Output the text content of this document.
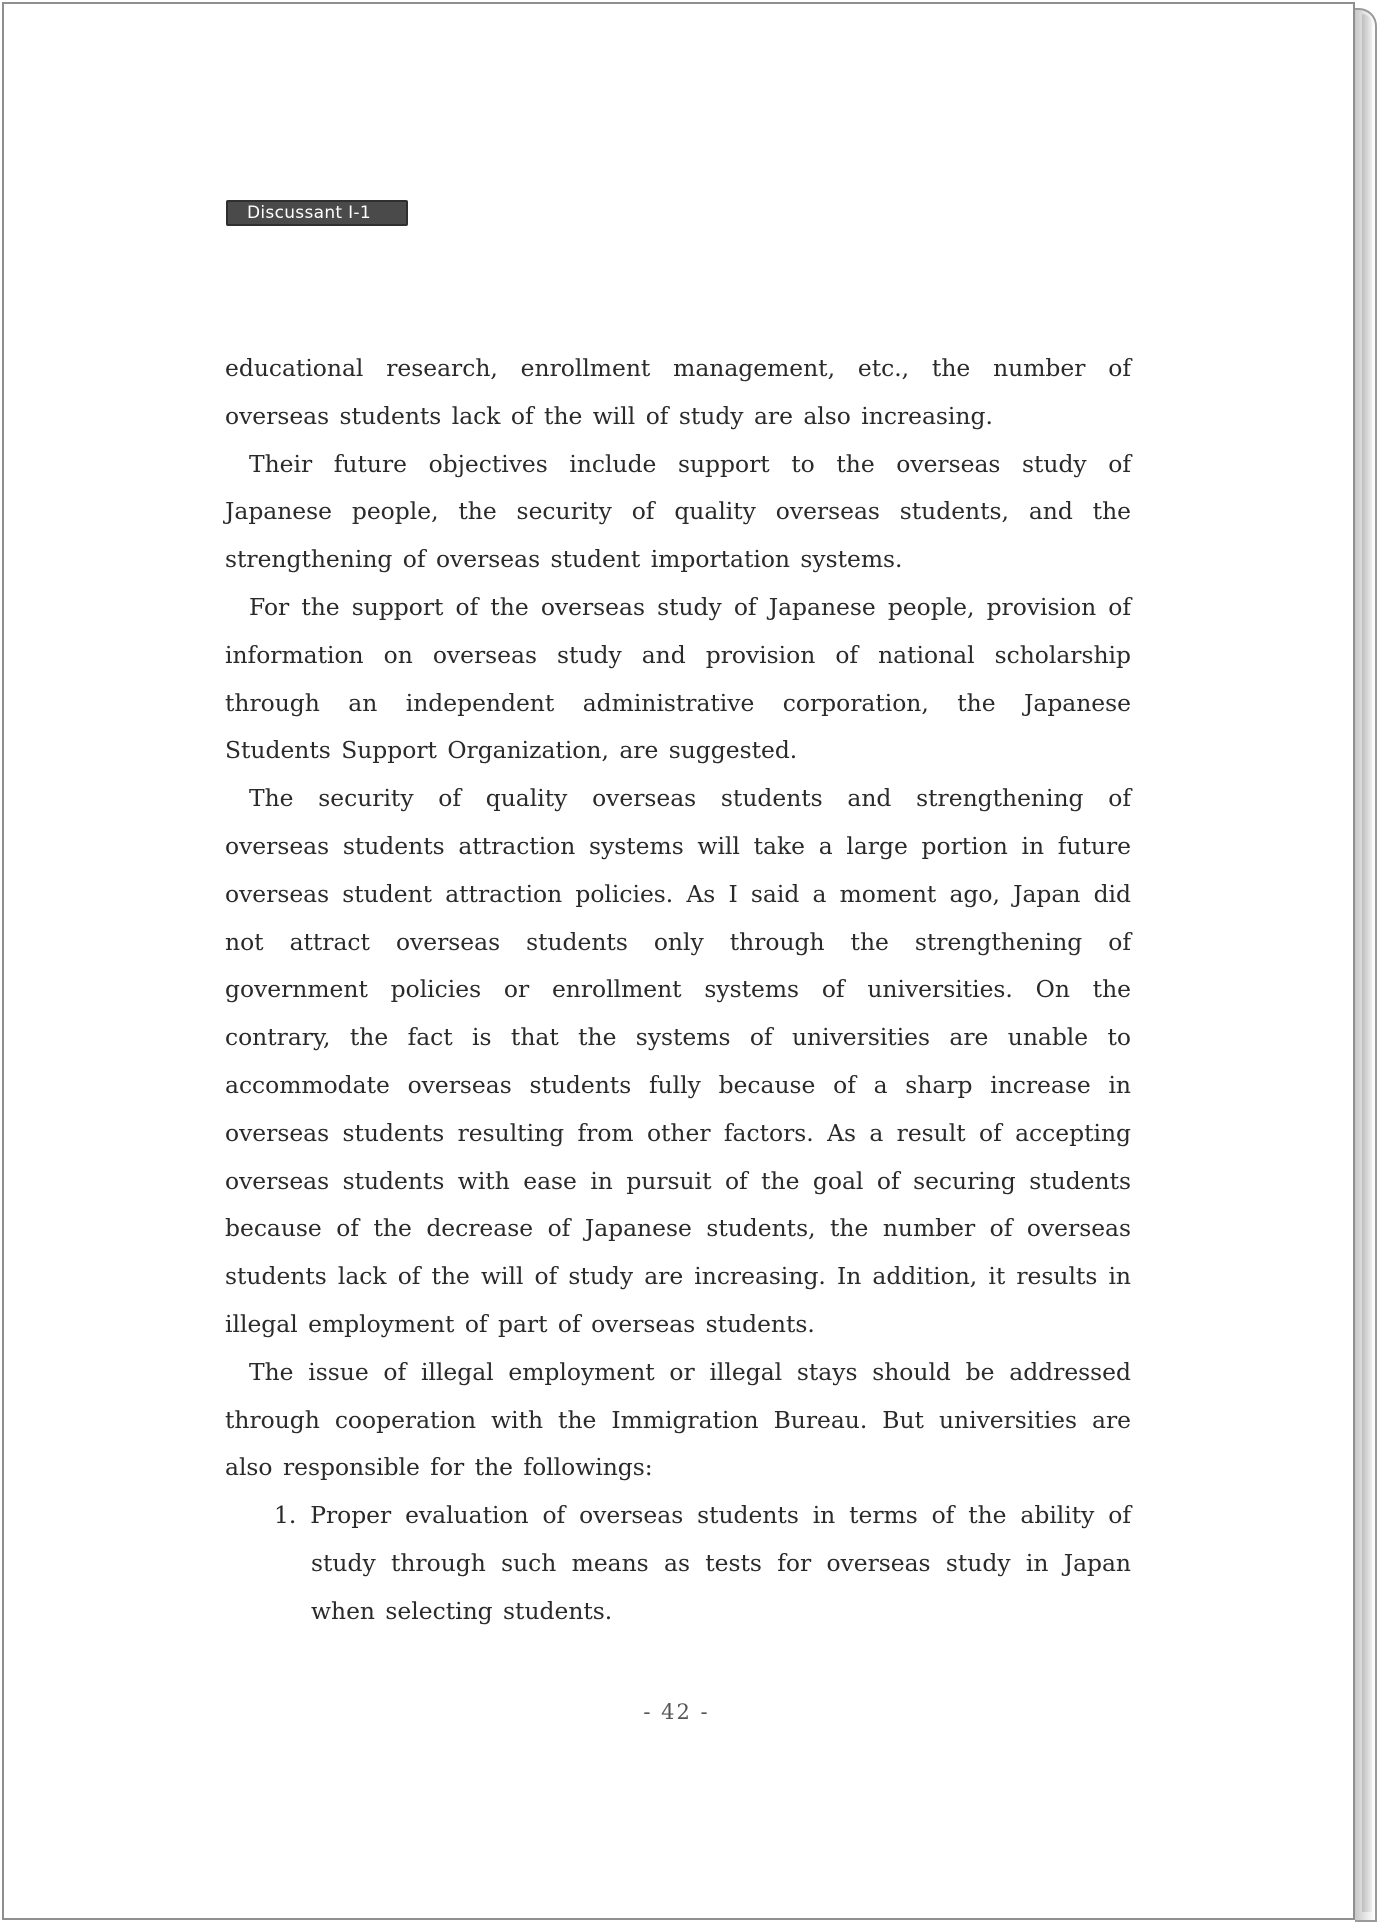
Discussant Ⅰ-1

educational research, enrollment management, etc., the number of overseas students lack of the will of study are also increasing.

Their future objectives include support to the overseas study of Japanese people, the security of quality overseas students, and the strengthening of overseas student importation systems.

For the support of the overseas study of Japanese people, provision of information on overseas study and provision of national scholarship through an independent administrative corporation, the Japanese Students Support Organization, are suggested.

The security of quality overseas students and strengthening of overseas students attraction systems will take a large portion in future overseas student attraction policies. As I said a moment ago, Japan did not attract overseas students only through the strengthening of government policies or enrollment systems of universities. On the contrary, the fact is that the systems of universities are unable to accommodate overseas students fully because of a sharp increase in overseas students resulting from other factors. As a result of accepting overseas students with ease in pursuit of the goal of securing students because of the decrease of Japanese students, the number of overseas students lack of the will of study are increasing. In addition, it results in illegal employment of part of overseas students.

The issue of illegal employment or illegal stays should be addressed through cooperation with the Immigration Bureau. But universities are also responsible for the followings:

1. Proper evaluation of overseas students in terms of the ability of study through such means as tests for overseas study in Japan when selecting students.

- 42 -
